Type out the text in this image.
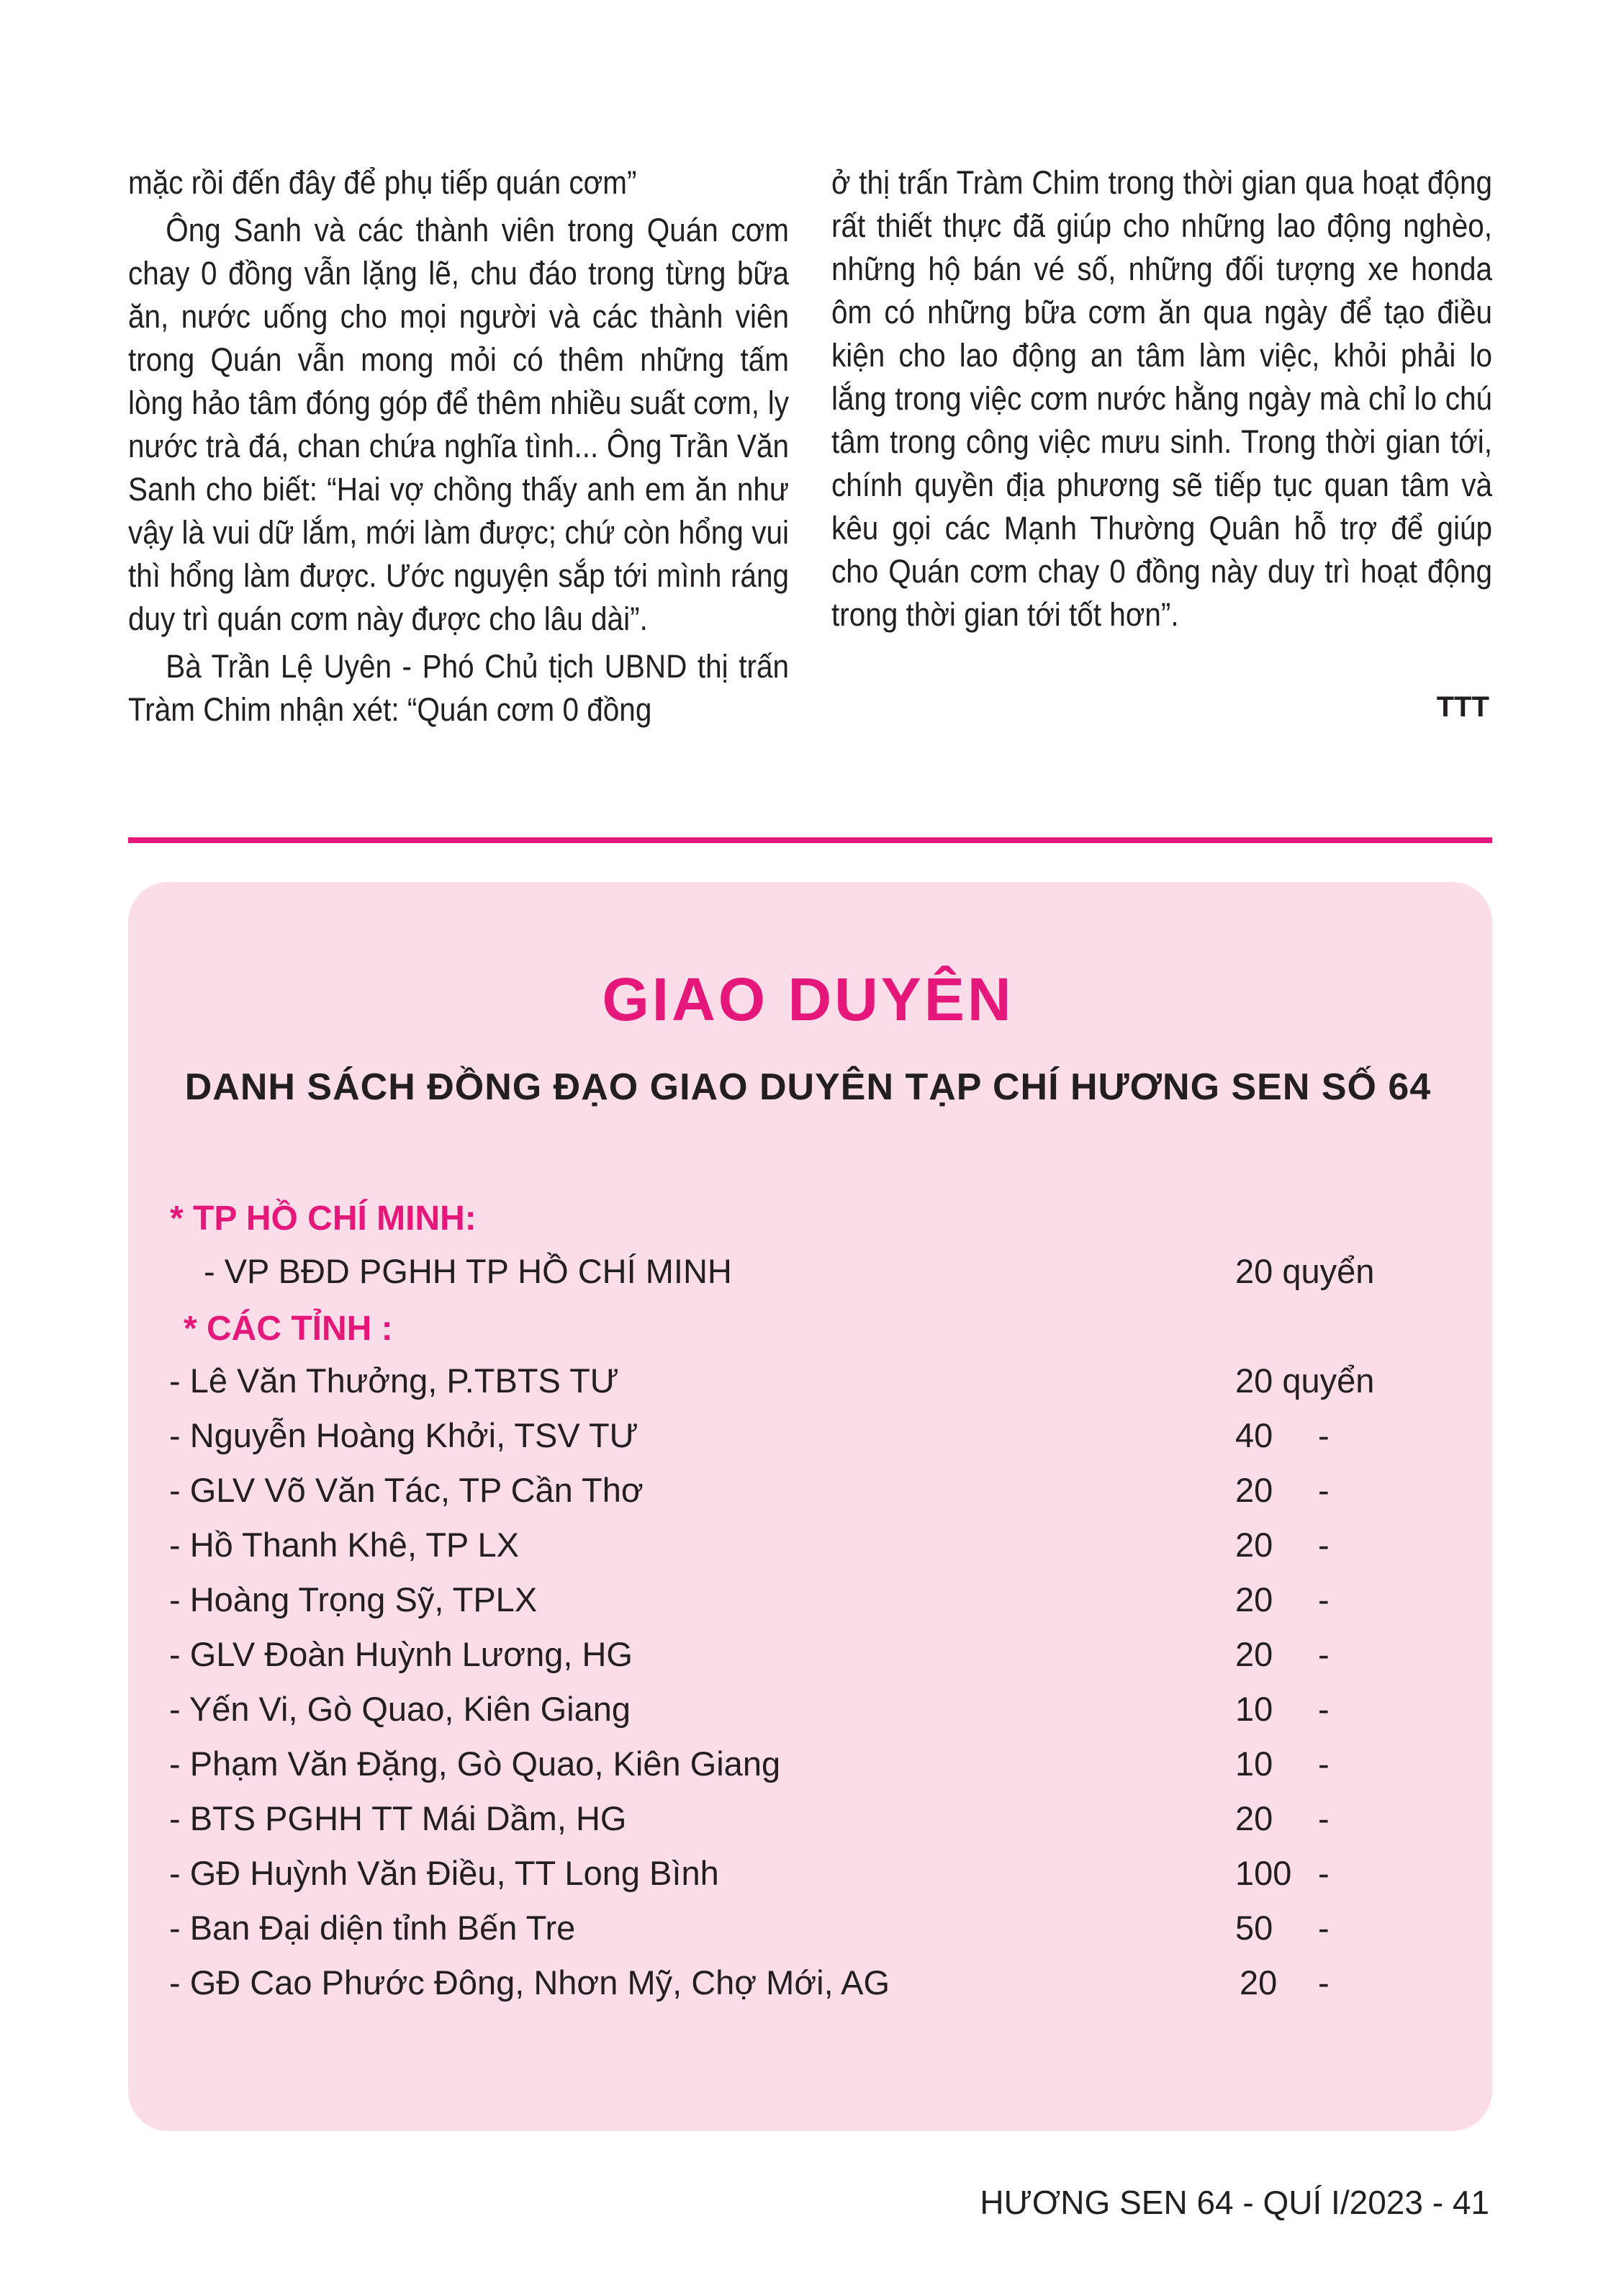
mặc rồi đến đây để phụ tiếp quán cơm”

Ông Sanh và các thành viên trong Quán cơm chay 0 đồng vẫn lặng lẽ, chu đáo trong từng bữa ăn, nước uống cho mọi người và các thành viên trong Quán vẫn mong mỏi có thêm những tấm lòng hảo tâm đóng góp để thêm nhiều suất cơm, ly nước trà đá, chan chứa nghĩa tình... Ông Trần Văn Sanh cho biết: “Hai vợ chồng thấy anh em ăn như vậy là vui dữ lắm, mới làm được; chứ còn hổng vui thì hổng làm được. Ước nguyện sắp tới mình ráng duy trì quán cơm này được cho lâu dài”.

Bà Trần Lệ Uyên - Phó Chủ tịch UBND thị trấn Tràm Chim nhận xét: “Quán cơm 0 đồng

ở thị trấn Tràm Chim trong thời gian qua hoạt động rất thiết thực đã giúp cho những lao động nghèo, những hộ bán vé số, những đối tượng xe honda ôm có những bữa cơm ăn qua ngày để tạo điều kiện cho lao động an tâm làm việc, khỏi phải lo lắng trong việc cơm nước hằng ngày mà chỉ lo chú tâm trong công việc mưu sinh. Trong thời gian tới, chính quyền địa phương sẽ tiếp tục quan tâm và kêu gọi các Mạnh Thường Quân hỗ trợ để giúp cho Quán cơm chay 0 đồng này duy trì hoạt động trong thời gian tới tốt hơn”.

TTT
GIAO DUYÊN
DANH SÁCH ĐỒNG ĐẠO GIAO DUYÊN TẠP CHÍ HƯƠNG SEN SỐ 64
* TP HỒ CHÍ MINH:
- VP BĐD PGHH TP HỒ CHÍ MINH	20 quyển
* CÁC TỈNH :
- Lê Văn Thưởng, P.TBTS TƯ	20 quyển
- Nguyễn Hoàng Khởi, TSV TƯ	40 -
- GLV Võ Văn Tác, TP Cần Thơ	20 -
- Hồ Thanh Khê, TP LX	20 -
- Hoàng Trọng Sỹ, TPLX	20 -
- GLV Đoàn Huỳnh Lương, HG	20 -
- Yến Vi, Gò Quao, Kiên Giang	10 -
- Phạm Văn Đặng, Gò Quao, Kiên Giang	10 -
- BTS PGHH TT Mái Dầm, HG	20 -
- GĐ Huỳnh Văn Điều, TT Long Bình	100 -
- Ban Đại diện tỉnh Bến Tre	50 -
- GĐ Cao Phước Đông, Nhơn Mỹ, Chợ Mới, AG	20 -
HƯƠNG SEN 64 - QUÍ I/2023 - 41
